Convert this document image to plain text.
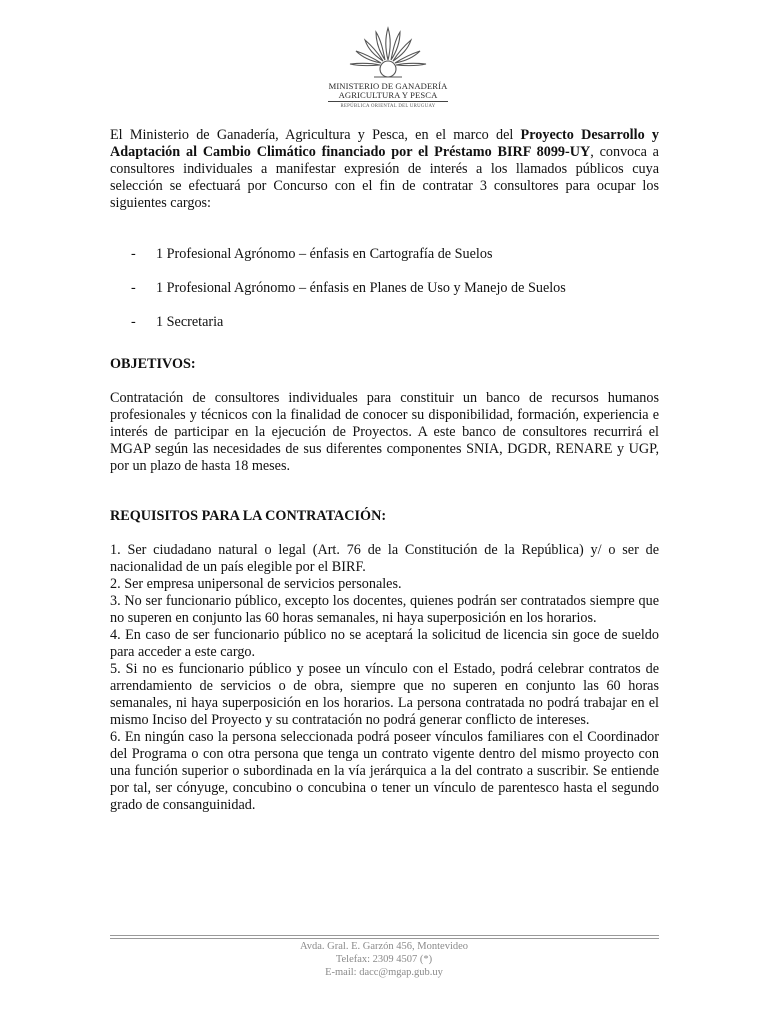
MINISTERIO DE GANADERÍA
AGRICULTURA Y PESCA
REPÚBLICA ORIENTAL DEL URUGUAY

El Ministerio de Ganadería, Agricultura y Pesca, en el marco del Proyecto Desarrollo y Adaptación al Cambio Climático financiado por el Préstamo BIRF 8099-UY, convoca a consultores individuales a manifestar expresión de interés a los llamados públicos cuya selección se efectuará por Concurso con el fin de contratar 3 consultores para ocupar los siguientes cargos:

- 1 Profesional Agrónomo – énfasis en Cartografía de Suelos
- 1 Profesional Agrónomo – énfasis en Planes de Uso y Manejo de Suelos
- 1 Secretaria

OBJETIVOS:

Contratación de consultores individuales para constituir un banco de recursos humanos profesionales y técnicos con la finalidad de conocer su disponibilidad, formación, experiencia e interés de participar en la ejecución de Proyectos. A este banco de consultores recurrirá el MGAP según las necesidades de sus diferentes componentes SNIA, DGDR, RENARE y UGP, por un plazo de hasta 18 meses.

REQUISITOS PARA LA CONTRATACIÓN:

1. Ser ciudadano natural o legal (Art. 76 de la Constitución de la República) y/ o ser de nacionalidad de un país elegible por el BIRF.

2. Ser empresa unipersonal de servicios personales.

3. No ser funcionario público, excepto los docentes, quienes podrán ser contratados siempre que no superen en conjunto las 60 horas semanales, ni haya superposición en los horarios.

4. En caso de ser funcionario público no se aceptará la solicitud de licencia sin goce de sueldo para acceder a este cargo.

5. Si no es funcionario público y posee un vínculo con el Estado, podrá celebrar contratos de arrendamiento de servicios o de obra, siempre que no superen en conjunto las 60 horas semanales, ni haya superposición en los horarios. La persona contratada no podrá trabajar en el mismo Inciso del Proyecto y su contratación no podrá generar conflicto de intereses.

6. En ningún caso la persona seleccionada podrá poseer vínculos familiares con el Coordinador del Programa o con otra persona que tenga un contrato vigente dentro del mismo proyecto con una función superior o subordinada en la vía jerárquica a la del contrato a suscribir. Se entiende por tal, ser cónyuge, concubino o concubina o tener un vínculo de parentesco hasta el segundo grado de consanguinidad.

Avda. Gral. E. Garzón 456, Montevideo
Telefax: 2309 4507 (*)
E-mail: dacc@mgap.gub.uy
